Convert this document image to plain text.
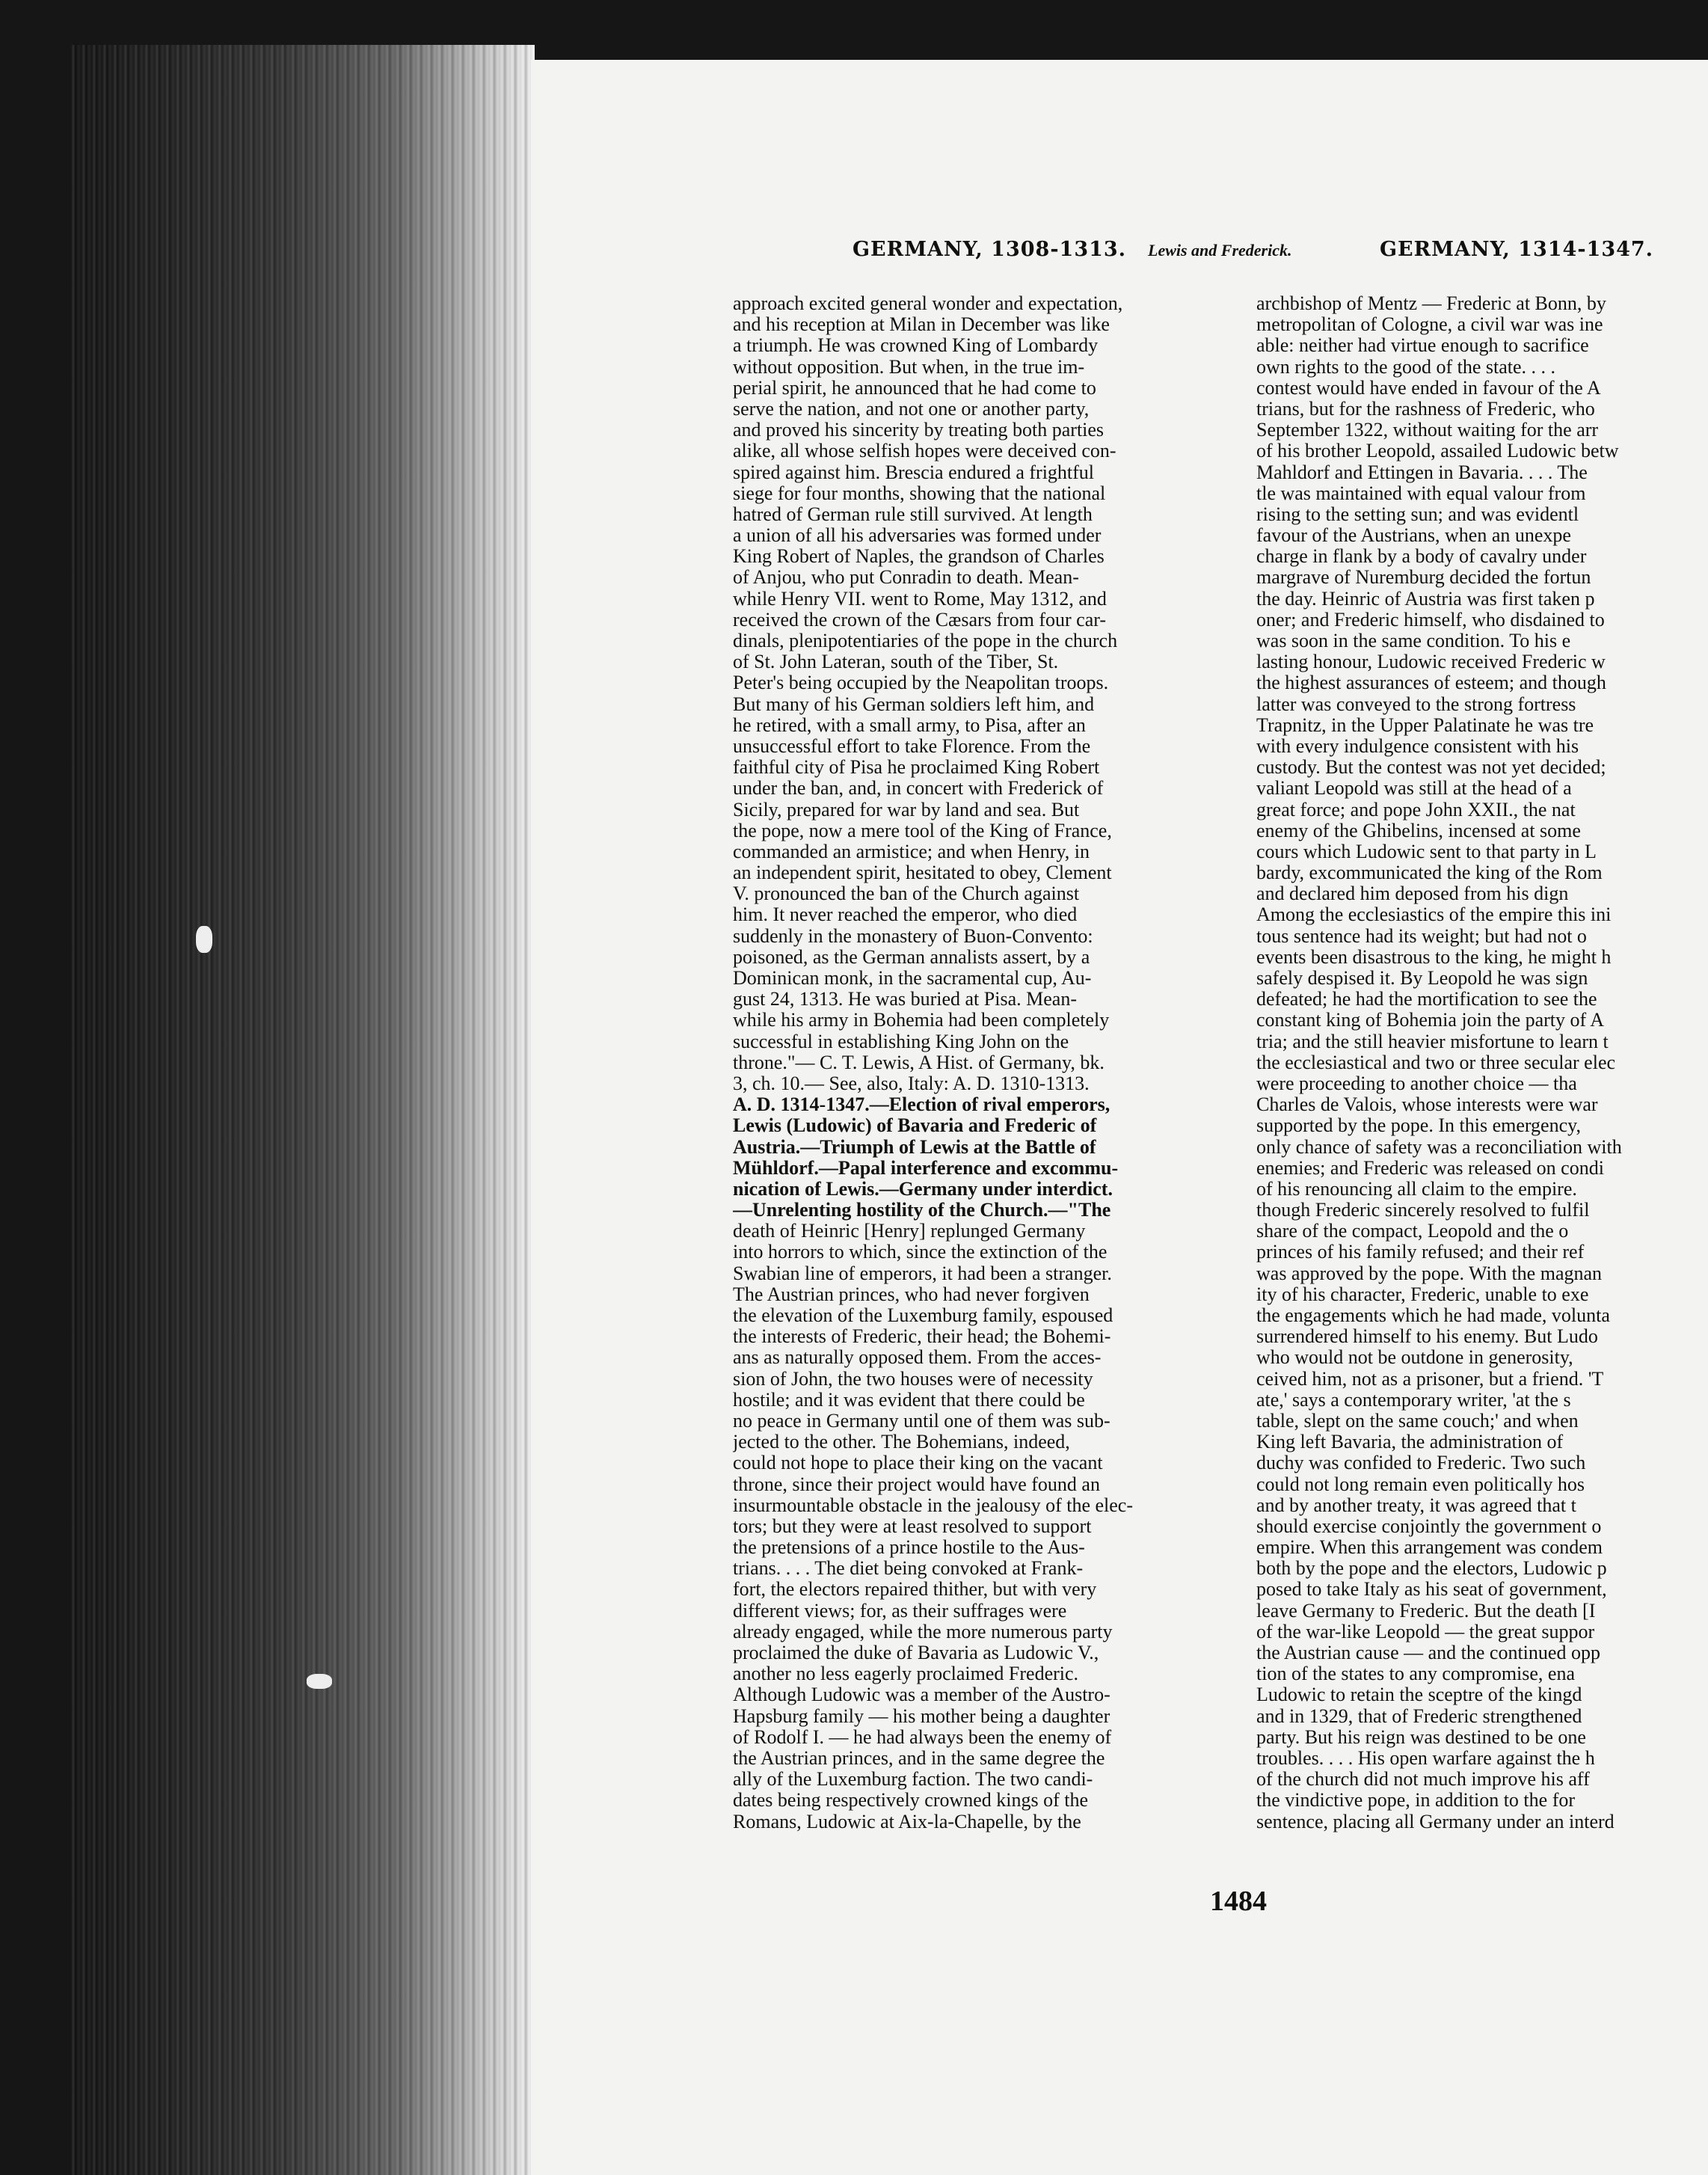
GERMANY, 1308-1313. Lewis and Frederick.	GERMANY, 1314-1347.
approach excited general wonder and expectation,
and his reception at Milan in December was like
a triumph. He was crowned King of Lombardy
without opposition. But when, in the true im-
perial spirit, he announced that he had come to
serve the nation, and not one or another party,
and proved his sincerity by treating both parties
alike, all whose selfish hopes were deceived con-
spired against him. Brescia endured a frightful
siege for four months, showing that the national
hatred of German rule still survived. At length
a union of all his adversaries was formed under
King Robert of Naples, the grandson of Charles
of Anjou, who put Conradin to death. Mean-
while Henry VII. went to Rome, May 1312, and
received the crown of the Cæsars from four car-
dinals, plenipotentiaries of the pope in the church
of St. John Lateran, south of the Tiber, St.
Peter's being occupied by the Neapolitan troops.
But many of his German soldiers left him, and
he retired, with a small army, to Pisa, after an
unsuccessful effort to take Florence. From the
faithful city of Pisa he proclaimed King Robert
under the ban, and, in concert with Frederick of
Sicily, prepared for war by land and sea. But
the pope, now a mere tool of the King of France,
commanded an armistice; and when Henry, in
an independent spirit, hesitated to obey, Clement
V. pronounced the ban of the Church against
him. It never reached the emperor, who died
suddenly in the monastery of Buon-Convento:
poisoned, as the German annalists assert, by a
Dominican monk, in the sacramental cup, Au-
gust 24, 1313. He was buried at Pisa. Mean-
while his army in Bohemia had been completely
successful in establishing King John on the
throne."— C. T. Lewis, A Hist. of Germany, bk.
3, ch. 10.— See, also, Italy: A. D. 1310-1313.
A. D. 1314-1347.—Election of rival emperors,
Lewis (Ludowic) of Bavaria and Frederic of
Austria.—Triumph of Lewis at the Battle of
Mühldorf.—Papal interference and excommu-
nication of Lewis.—Germany under interdict.
—Unrelenting hostility of the Church.—"The
death of Heinric [Henry] replunged Germany
into horrors to which, since the extinction of the
Swabian line of emperors, it had been a stranger.
The Austrian princes, who had never forgiven
the elevation of the Luxemburg family, espoused
the interests of Frederic, their head; the Bohemi-
ans as naturally opposed them. From the acces-
sion of John, the two houses were of necessity
hostile; and it was evident that there could be
no peace in Germany until one of them was sub-
jected to the other. The Bohemians, indeed,
could not hope to place their king on the vacant
throne, since their project would have found an
insurmountable obstacle in the jealousy of the elec-
tors; but they were at least resolved to support
the pretensions of a prince hostile to the Aus-
trians. . . . The diet being convoked at Frank-
fort, the electors repaired thither, but with very
different views; for, as their suffrages were
already engaged, while the more numerous party
proclaimed the duke of Bavaria as Ludowic V.,
another no less eagerly proclaimed Frederic.
Although Ludowic was a member of the Austro-
Hapsburg family — his mother being a daughter
of Rodolf I. — he had always been the enemy of
the Austrian princes, and in the same degree the
ally of the Luxemburg faction. The two candi-
dates being respectively crowned kings of the
Romans, Ludowic at Aix-la-Chapelle, by the
archbishop of Mentz — Frederic at Bonn, by
metropolitan of Cologne, a civil war was ine
able: neither had virtue enough to sacrifice
own rights to the good of the state. . . .
contest would have ended in favour of the A
trians, but for the rashness of Frederic, who
September 1322, without waiting for the arr
of his brother Leopold, assailed Ludowic betw
Mahldorf and Ettingen in Bavaria. . . . The
tle was maintained with equal valour from
rising to the setting sun; and was evidentl
favour of the Austrians, when an unexpe
charge in flank by a body of cavalry under
margrave of Nuremburg decided the fortun
the day. Heinric of Austria was first taken p
oner; and Frederic himself, who disdained to
was soon in the same condition. To his e
lasting honour, Ludowic received Frederic w
the highest assurances of esteem; and though
latter was conveyed to the strong fortress
Trapnitz, in the Upper Palatinate he was tre
with every indulgence consistent with his
custody. But the contest was not yet decided;
valiant Leopold was still at the head of a
great force; and pope John XXII., the nat
enemy of the Ghibelins, incensed at some
cours which Ludowic sent to that party in L
bardy, excommunicated the king of the Rom
and declared him deposed from his dign
Among the ecclesiastics of the empire this ini
tous sentence had its weight; but had not o
events been disastrous to the king, he might h
safely despised it. By Leopold he was sign
defeated; he had the mortification to see the
constant king of Bohemia join the party of A
tria; and the still heavier misfortune to learn t
the ecclesiastical and two or three secular elec
were proceeding to another choice — tha
Charles de Valois, whose interests were war
supported by the pope. In this emergency,
only chance of safety was a reconciliation with
enemies; and Frederic was released on condi
of his renouncing all claim to the empire.
though Frederic sincerely resolved to fulfil
share of the compact, Leopold and the o
princes of his family refused; and their ref
was approved by the pope. With the magnan
ity of his character, Frederic, unable to exe
the engagements which he had made, volunta
surrendered himself to his enemy. But Ludo
who would not be outdone in generosity,
ceived him, not as a prisoner, but a friend. 'T
ate,' says a contemporary writer, 'at the s
table, slept on the same couch;' and when
King left Bavaria, the administration of
duchy was confided to Frederic. Two such
could not long remain even politically hos
and by another treaty, it was agreed that t
should exercise conjointly the government o
empire. When this arrangement was condem
both by the pope and the electors, Ludowic p
posed to take Italy as his seat of government,
leave Germany to Frederic. But the death [I
of the war-like Leopold — the great suppor
the Austrian cause — and the continued opp
tion of the states to any compromise, ena
Ludowic to retain the sceptre of the kingd
and in 1329, that of Frederic strengthened
party. But his reign was destined to be one
troubles. . . . His open warfare against the h
of the church did not much improve his aff
the vindictive pope, in addition to the for
sentence, placing all Germany under an interd
1484
